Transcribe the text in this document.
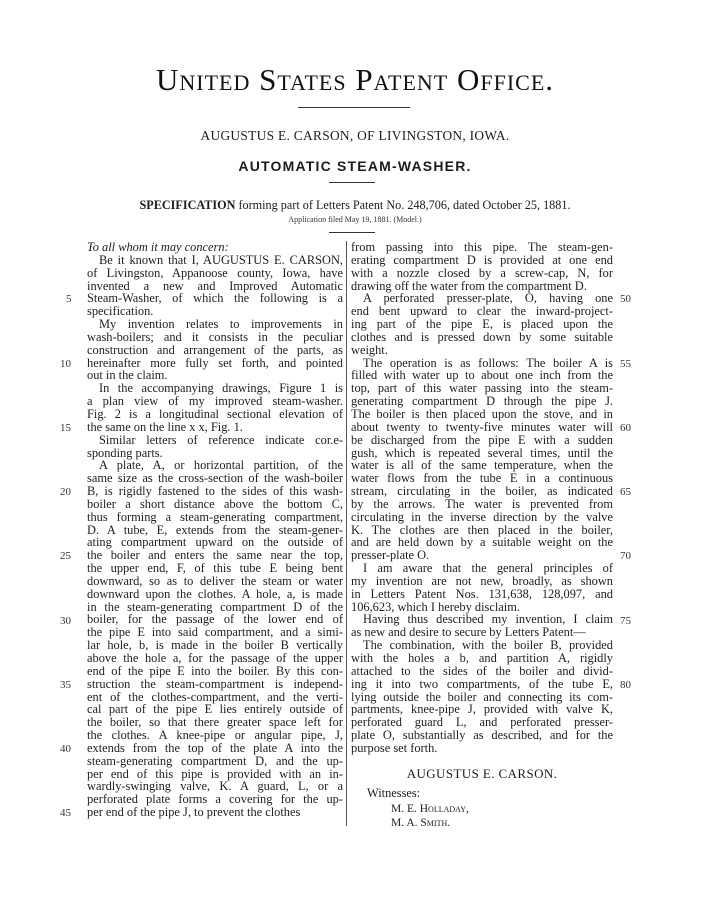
United States Patent Office.
AUGUSTUS E. CARSON, OF LIVINGSTON, IOWA.
AUTOMATIC STEAM-WASHER.
SPECIFICATION forming part of Letters Patent No. 248,706, dated October 25, 1881.
Application filed May 19, 1881. (Model.)
To all whom it may concern:
Be it known that I, AUGUSTUS E. CARSON,
of Livingston, Appanoose county, Iowa, have
invented a new and Improved Automatic
Steam-Washer, of which the following is a
specification.
My invention relates to improvements in
wash-boilers; and it consists in the peculiar
construction and arrangement of the parts, as
hereinafter more fully set forth, and pointed
out in the claim.
In the accompanying drawings, Figure 1 is
a plan view of my improved steam-washer.
Fig. 2 is a longitudinal sectional elevation of
the same on the line x x, Fig. 1.
Similar letters of reference indicate cor.e-
sponding parts.
A plate, A, or horizontal partition, of the
same size as the cross-section of the wash-boiler
B, is rigidly fastened to the sides of this wash-
boiler a short distance above the bottom C,
thus forming a steam-generating compartment,
D. A tube, E, extends from the steam-gener-
ating compartment upward on the outside of
the boiler and enters the same near the top,
the upper end, F, of this tube E being bent
downward, so as to deliver the steam or water
downward upon the clothes. A hole, a, is made
in the steam-generating compartment D of the
boiler, for the passage of the lower end of
the pipe E into said compartment, and a simi-
lar hole, b, is made in the boiler B vertically
above the hole a, for the passage of the upper
end of the pipe E into the boiler. By this con-
struction the steam-compartment is independ-
ent of the clothes-compartment, and the verti-
cal part of the pipe E lies entirely outside of
the boiler, so that there greater space left for
the clothes. A knee-pipe or angular pipe, J,
extends from the top of the plate A into the
steam-generating compartment D, and the up-
per end of this pipe is provided with an in-
wardly-swinging valve, K. A guard, L, or a
perforated plate forms a covering for the up-
per end of the pipe J, to prevent the clothes
from passing into this pipe. The steam-gen-
erating compartment D is provided at one end
with a nozzle closed by a screw-cap, N, for
drawing off the water from the compartment D.
A perforated presser-plate, O, having one
end bent upward to clear the inward-project-
ing part of the pipe E, is placed upon the
clothes and is pressed down by some suitable
weight.
The operation is as follows: The boiler A is
filled with water up to about one inch from the
top, part of this water passing into the steam-
generating compartment D through the pipe J.
The boiler is then placed upon the stove, and in
about twenty to twenty-five minutes water will
be discharged from the pipe E with a sudden
gush, which is repeated several times, until the
water is all of the same temperature, when the
water flows from the tube E in a continuous
stream, circulating in the boiler, as indicated
by the arrows. The water is prevented from
circulating in the inverse direction by the valve
K. The clothes are then placed in the boiler,
and are held down by a suitable weight on the
presser-plate O.
I am aware that the general principles of
my invention are not new, broadly, as shown
in Letters Patent Nos. 131,638, 128,097, and
106,623, which I hereby disclaim.
Having thus described my invention, I claim
as new and desire to secure by Letters Patent—
The combination, with the boiler B, provided
with the holes a b, and partition A, rigidly
attached to the sides of the boiler and divid-
ing it into two compartments, of the tube E,
lying outside the boiler and connecting its com-
partments, knee-pipe J, provided with valve K,
perforated guard L, and perforated presser-
plate O, substantially as described, and for the
purpose set forth.
5
10
15
20
25
30
35
40
45
50
55
60
65
70
75
80
AUGUSTUS E. CARSON.
Witnesses:
M. E. Holladay,
M. A. Smith.
